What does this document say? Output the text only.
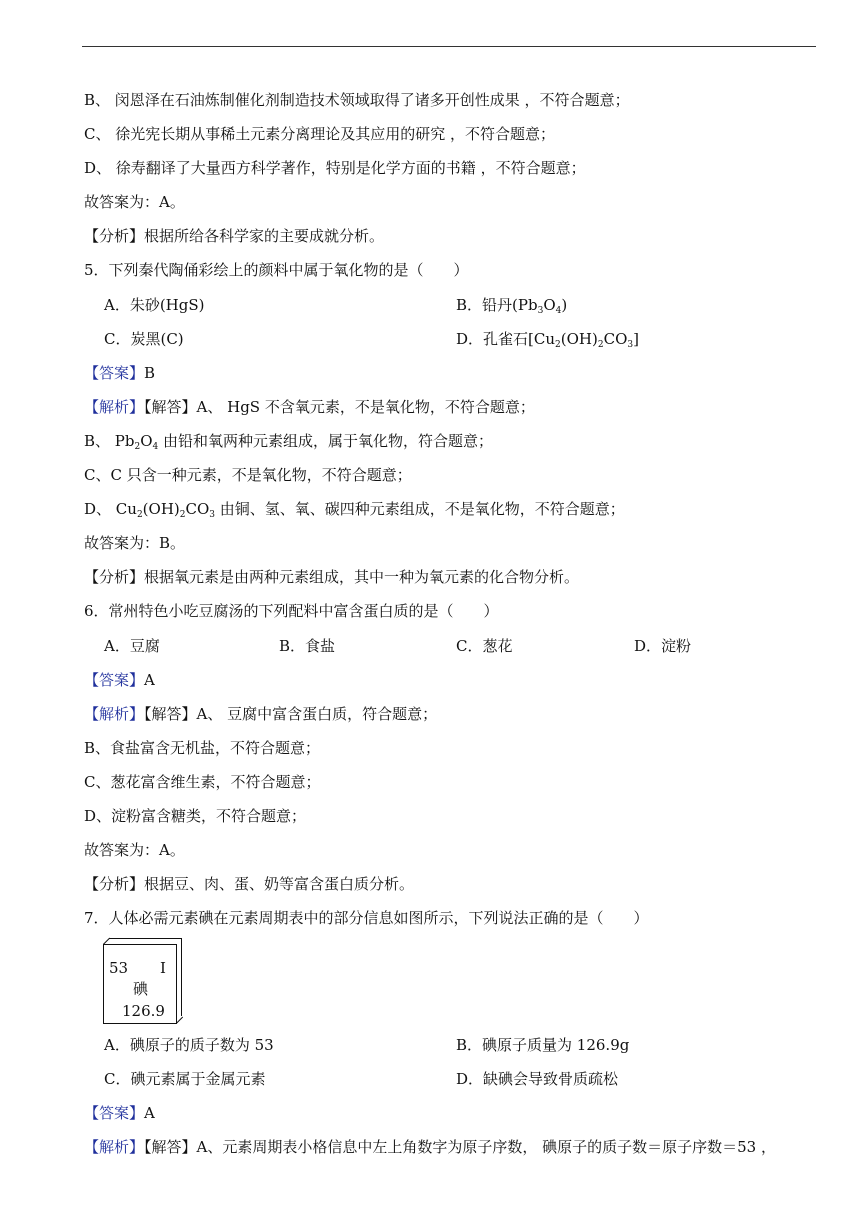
B、 闵恩泽在石油炼制催化剂制造技术领域取得了诸多开创性成果 ，不符合题意；
C、 徐光宪长期从事稀土元素分离理论及其应用的研究 ，不符合题意；
D、 徐寿翻译了大量西方科学著作，特别是化学方面的书籍 ，不符合题意；
故答案为：A。
【分析】根据所给各科学家的主要成就分析。
5．下列秦代陶俑彩绘上的颜料中属于氧化物的是（　　）
A．朱砂(HgS)	B．铅丹$(Pb_3O_4)$
C．炭黑(C)	D．孔雀石$[Cu_2(OH)_2CO_3]$
【答案】B
【解析】【解答】A、 HgS 不含氧元素，不是氧化物，不符合题意；
B、 $Pb_2O_4$ 由铅和氧两种元素组成，属于氧化物，符合题意；
C、C 只含一种元素，不是氧化物，不符合题意；
D、 $Cu_2(OH)_2CO_3$ 由铜、氢、氧、碳四种元素组成，不是氧化物，不符合题意；
故答案为：B。
【分析】根据氧元素是由两种元素组成，其中一种为氧元素的化合物分析。
6．常州特色小吃豆腐汤的下列配料中富含蛋白质的是（　　）
A．豆腐	B．食盐	C．葱花	D．淀粉
【答案】A
【解析】【解答】A、 豆腐中富含蛋白质，符合题意；
B、食盐富含无机盐，不符合题意；
C、葱花富含维生素，不符合题意；
D、淀粉富含糖类，不符合题意；
故答案为：A。
【分析】根据豆、肉、蛋、奶等富含蛋白质分析。
7．人体必需元素碘在元素周期表中的部分信息如图所示，下列说法正确的是（　　）
53 I
碘
126.9
A．碘原子的质子数为 53	B．碘原子质量为 126.9g
C．碘元素属于金属元素	D．缺碘会导致骨质疏松
【答案】A
【解析】【解答】A、元素周期表小格信息中左上角数字为原子序数， 碘原子的质子数＝原子序数＝53 ，
